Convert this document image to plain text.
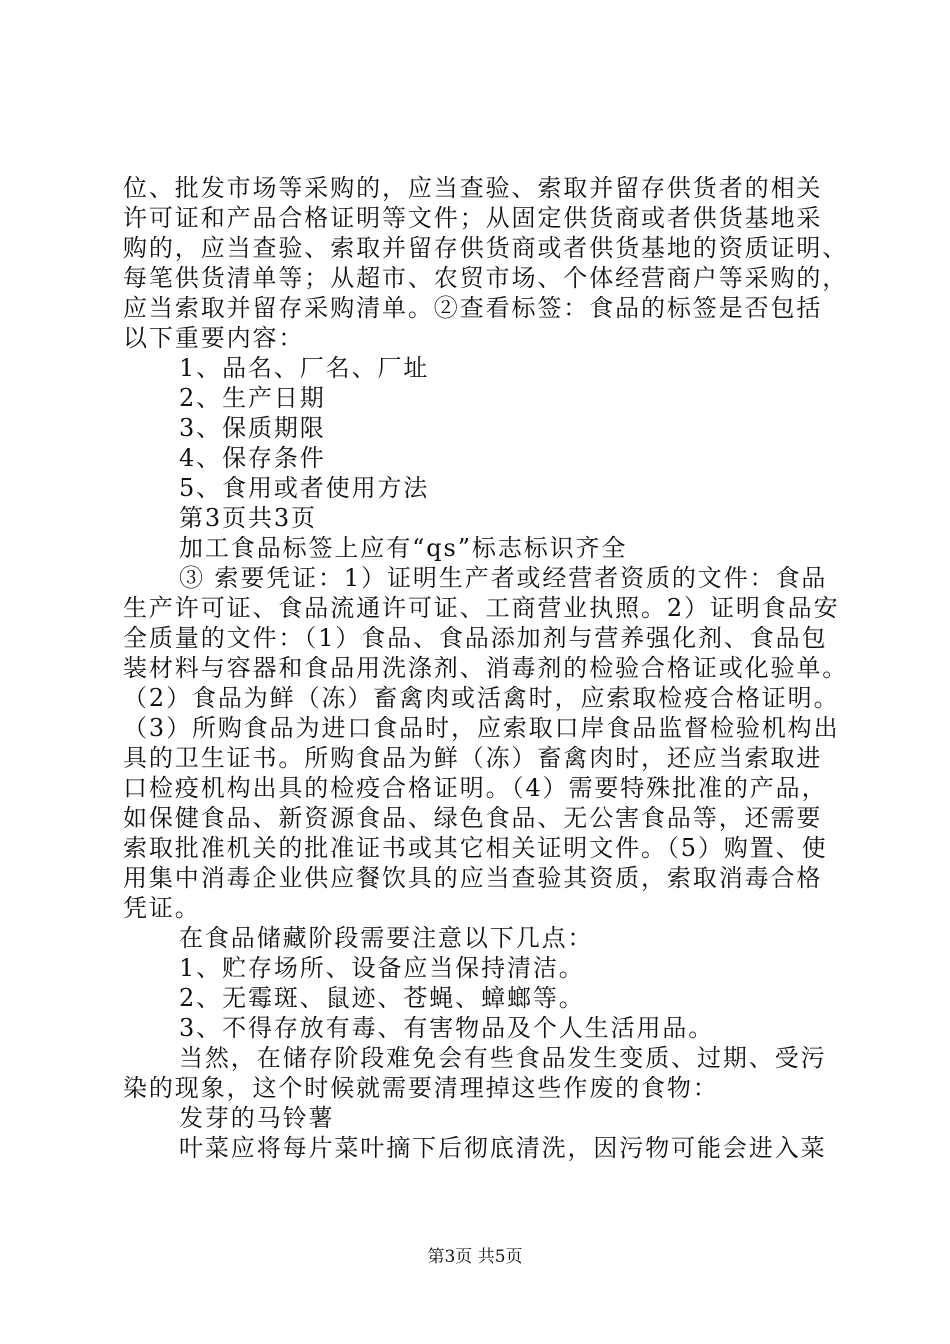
位、批发市场等采购的，应当查验、索取并留存供货者的相关
许可证和产品合格证明等文件；从固定供货商或者供货基地采
购的，应当查验、索取并留存供货商或者供货基地的资质证明、
每笔供货清单等；从超市、农贸市场、个体经营商户等采购的，
应当索取并留存采购清单。②查看标签：食品的标签是否包括
以下重要内容：
1、品名、厂名、厂址
2、生产日期
3、保质期限
4、保存条件
5、食用或者使用方法
第3页共3页
加工食品标签上应有“qs”标志标识齐全
③ 索要凭证：1）证明生产者或经营者资质的文件：食品
生产许可证、食品流通许可证、工商营业执照。2）证明食品安
全质量的文件：（1）食品、食品添加剂与营养强化剂、食品包
装材料与容器和食品用洗涤剂、消毒剂的检验合格证或化验单。
（2）食品为鲜（冻）畜禽肉或活禽时，应索取检疫合格证明。
（3）所购食品为进口食品时，应索取口岸食品监督检验机构出
具的卫生证书。所购食品为鲜（冻）畜禽肉时，还应当索取进
口检疫机构出具的检疫合格证明。（4）需要特殊批准的产品，
如保健食品、新资源食品、绿色食品、无公害食品等，还需要
索取批准机关的批准证书或其它相关证明文件。（5）购置、使
用集中消毒企业供应餐饮具的应当查验其资质，索取消毒合格
凭证。
在食品储藏阶段需要注意以下几点：
1、贮存场所、设备应当保持清洁。
2、无霉斑、鼠迹、苍蝇、蟑螂等。
3、不得存放有毒、有害物品及个人生活用品。
当然，在储存阶段难免会有些食品发生变质、过期、受污
染的现象，这个时候就需要清理掉这些作废的食物：
发芽的马铃薯
叶菜应将每片菜叶摘下后彻底清洗，因污物可能会进入菜
第3页 共5页
